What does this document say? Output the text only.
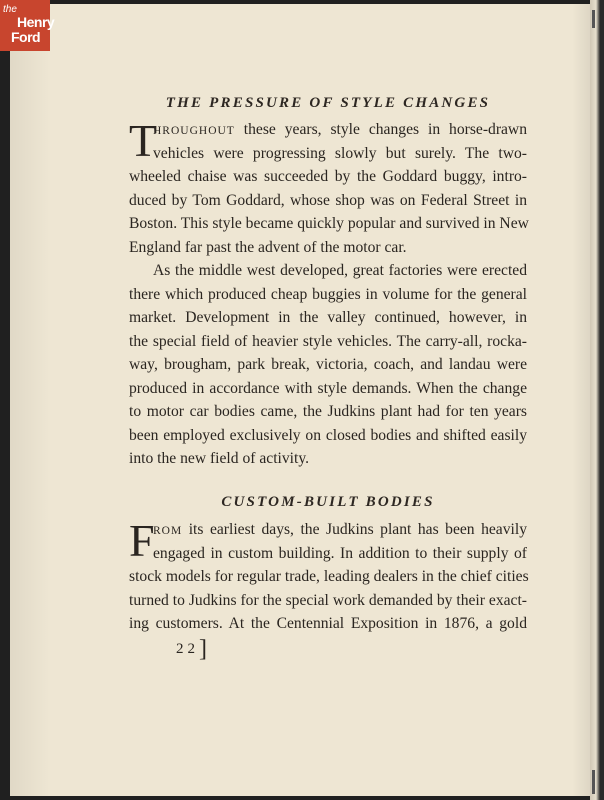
the
Henry
Ford
THE PRESSURE OF STYLE CHANGES
T
HROUGHOUT these years, style changes in horse-drawn
vehicles were progressing slowly but surely. The two-
wheeled chaise was succeeded by the Goddard buggy, intro-
duced by Tom Goddard, whose shop was on Federal Street in
Boston. This style became quickly popular and survived in New
England far past the advent of the motor car.
As the middle west developed, great factories were erected
there which produced cheap buggies in volume for the general
market. Development in the valley continued, however, in
the special field of heavier style vehicles. The carry-all, rocka-
way, brougham, park break, victoria, coach, and landau were
produced in accordance with style demands. When the change
to motor car bodies came, the Judkins plant had for ten years
been employed exclusively on closed bodies and shifted easily
into the new field of activity.
CUSTOM-BUILT BODIES
F
ROM its earliest days, the Judkins plant has been heavily
engaged in custom building. In addition to their supply of
stock models for regular trade, leading dealers in the chief cities
turned to Judkins for the special work demanded by their exact-
ing customers. At the Centennial Exposition in 1876, a gold
22]
